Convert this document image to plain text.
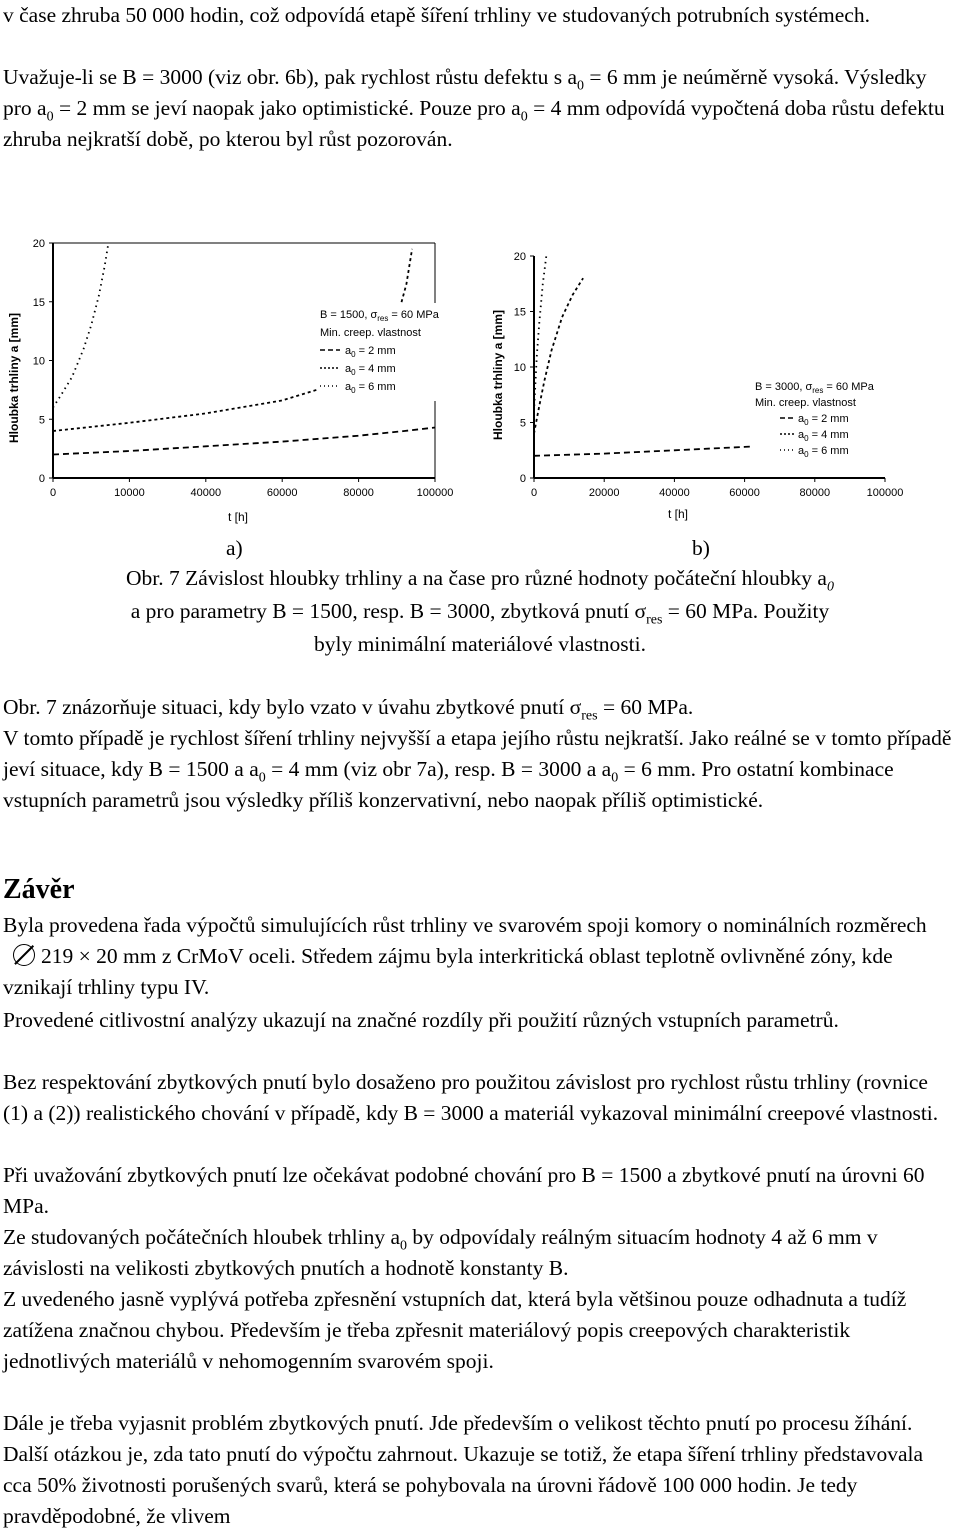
v čase zhruba 50 000 hodin, což odpovídá etapě šíření trhliny ve studovaných potrubních systémech.

Uvažuje-li se B = 3000 (viz obr. 6b), pak rychlost růstu defektu s $a_0 = 6$ mm je neúměrně vysoká. Výsledky pro $a_0 = 2$ mm se jeví naopak jako optimistické. Pouze pro $a_0 = 4$ mm odpovídá vypočtená doba růstu defektu zhruba nejkratší době, po kterou byl růst pozorován.

Hloubka trhliny a [mm]
t [h]
B = 1500, $\sigma_{res} = 60$ MPa
Min. creep. vlastnost
$a_0 = 2$ mm
$a_0 = 4$ mm
$a_0 = 6$ mm
0
5
10
15
20
0	10000	40000	60000	80000	100000
Hloubka trhliny a [mm]
t [h]
B = 3000, $\sigma_{res} = 60$ MPa
Min. creep. vlastnost
$a_0 = 2$ mm
$a_0 = 4$ mm
$a_0 = 6$ mm
0
5
10
15
20
0	20000	40000	60000	80000	100000
a)	b)
Obr. 7 Závislost hloubky trhliny a na čase pro různé hodnoty počáteční hloubky $a_0$
a pro parametry B = 1500, resp. B = 3000, zbytková pnutí $\sigma_{res} = 60$ MPa. Použity
byly minimální materiálové vlastnosti.

Obr. 7 znázorňuje situaci, kdy bylo vzato v úvahu zbytkové pnutí $\sigma_{res} = 60$ MPa.
V tomto případě je rychlost šíření trhliny nejvyšší a etapa jejího růstu nejkratší. Jako reálné se v tomto případě jeví situace, kdy B = 1500 a $a_0 = 4$ mm (viz obr 7a), resp. B = 3000 a $a_0 = 6$ mm. Pro ostatní kombinace vstupních parametrů jsou výsledky příliš konzervativní, nebo naopak příliš optimistické.

Závěr

Byla provedena řada výpočtů simulujících růst trhliny ve svarovém spoji komory o nominálních rozměrech219 × 20 mm z CrMoV oceli. Středem zájmu byla interkritická oblast teplotně ovlivněné zóny, kde vznikají trhliny typu IV.

Provedené citlivostní analýzy ukazují na značné rozdíly při použití různých vstupních parametrů.

Bez respektování zbytkových pnutí bylo dosaženo pro použitou závislost pro rychlost růstu trhliny (rovnice (1) a (2)) realistického chování v případě, kdy B = 3000 a materiál vykazoval minimální creepové vlastnosti.

Při uvažování zbytkových pnutí lze očekávat podobné chování pro B = 1500 a zbytkové pnutí na úrovni 60 MPa.

Ze studovaných počátečních hloubek trhliny $a_0$ by odpovídaly reálným situacím hodnoty 4 až 6 mm v závislosti na velikosti zbytkových pnutích a hodnotě konstanty B.

Z uvedeného jasně vyplývá potřeba zpřesnění vstupních dat, která byla většinou pouze odhadnuta a tudíž zatížena značnou chybou. Především je třeba zpřesnit materiálový popis creepových charakteristik jednotlivých materiálů v nehomogenním svarovém spoji.

Dále je třeba vyjasnit problém zbytkových pnutí. Jde především o velikost těchto pnutí po procesu žíhání. Další otázkou je, zda tato pnutí do výpočtu zahrnout. Ukazuje se totiž, že etapa šíření trhliny představovala cca 50% životnosti porušených svarů, která se pohybovala na úrovni řádově 100 000 hodin. Je tedy pravděpodobné, že vlivem
